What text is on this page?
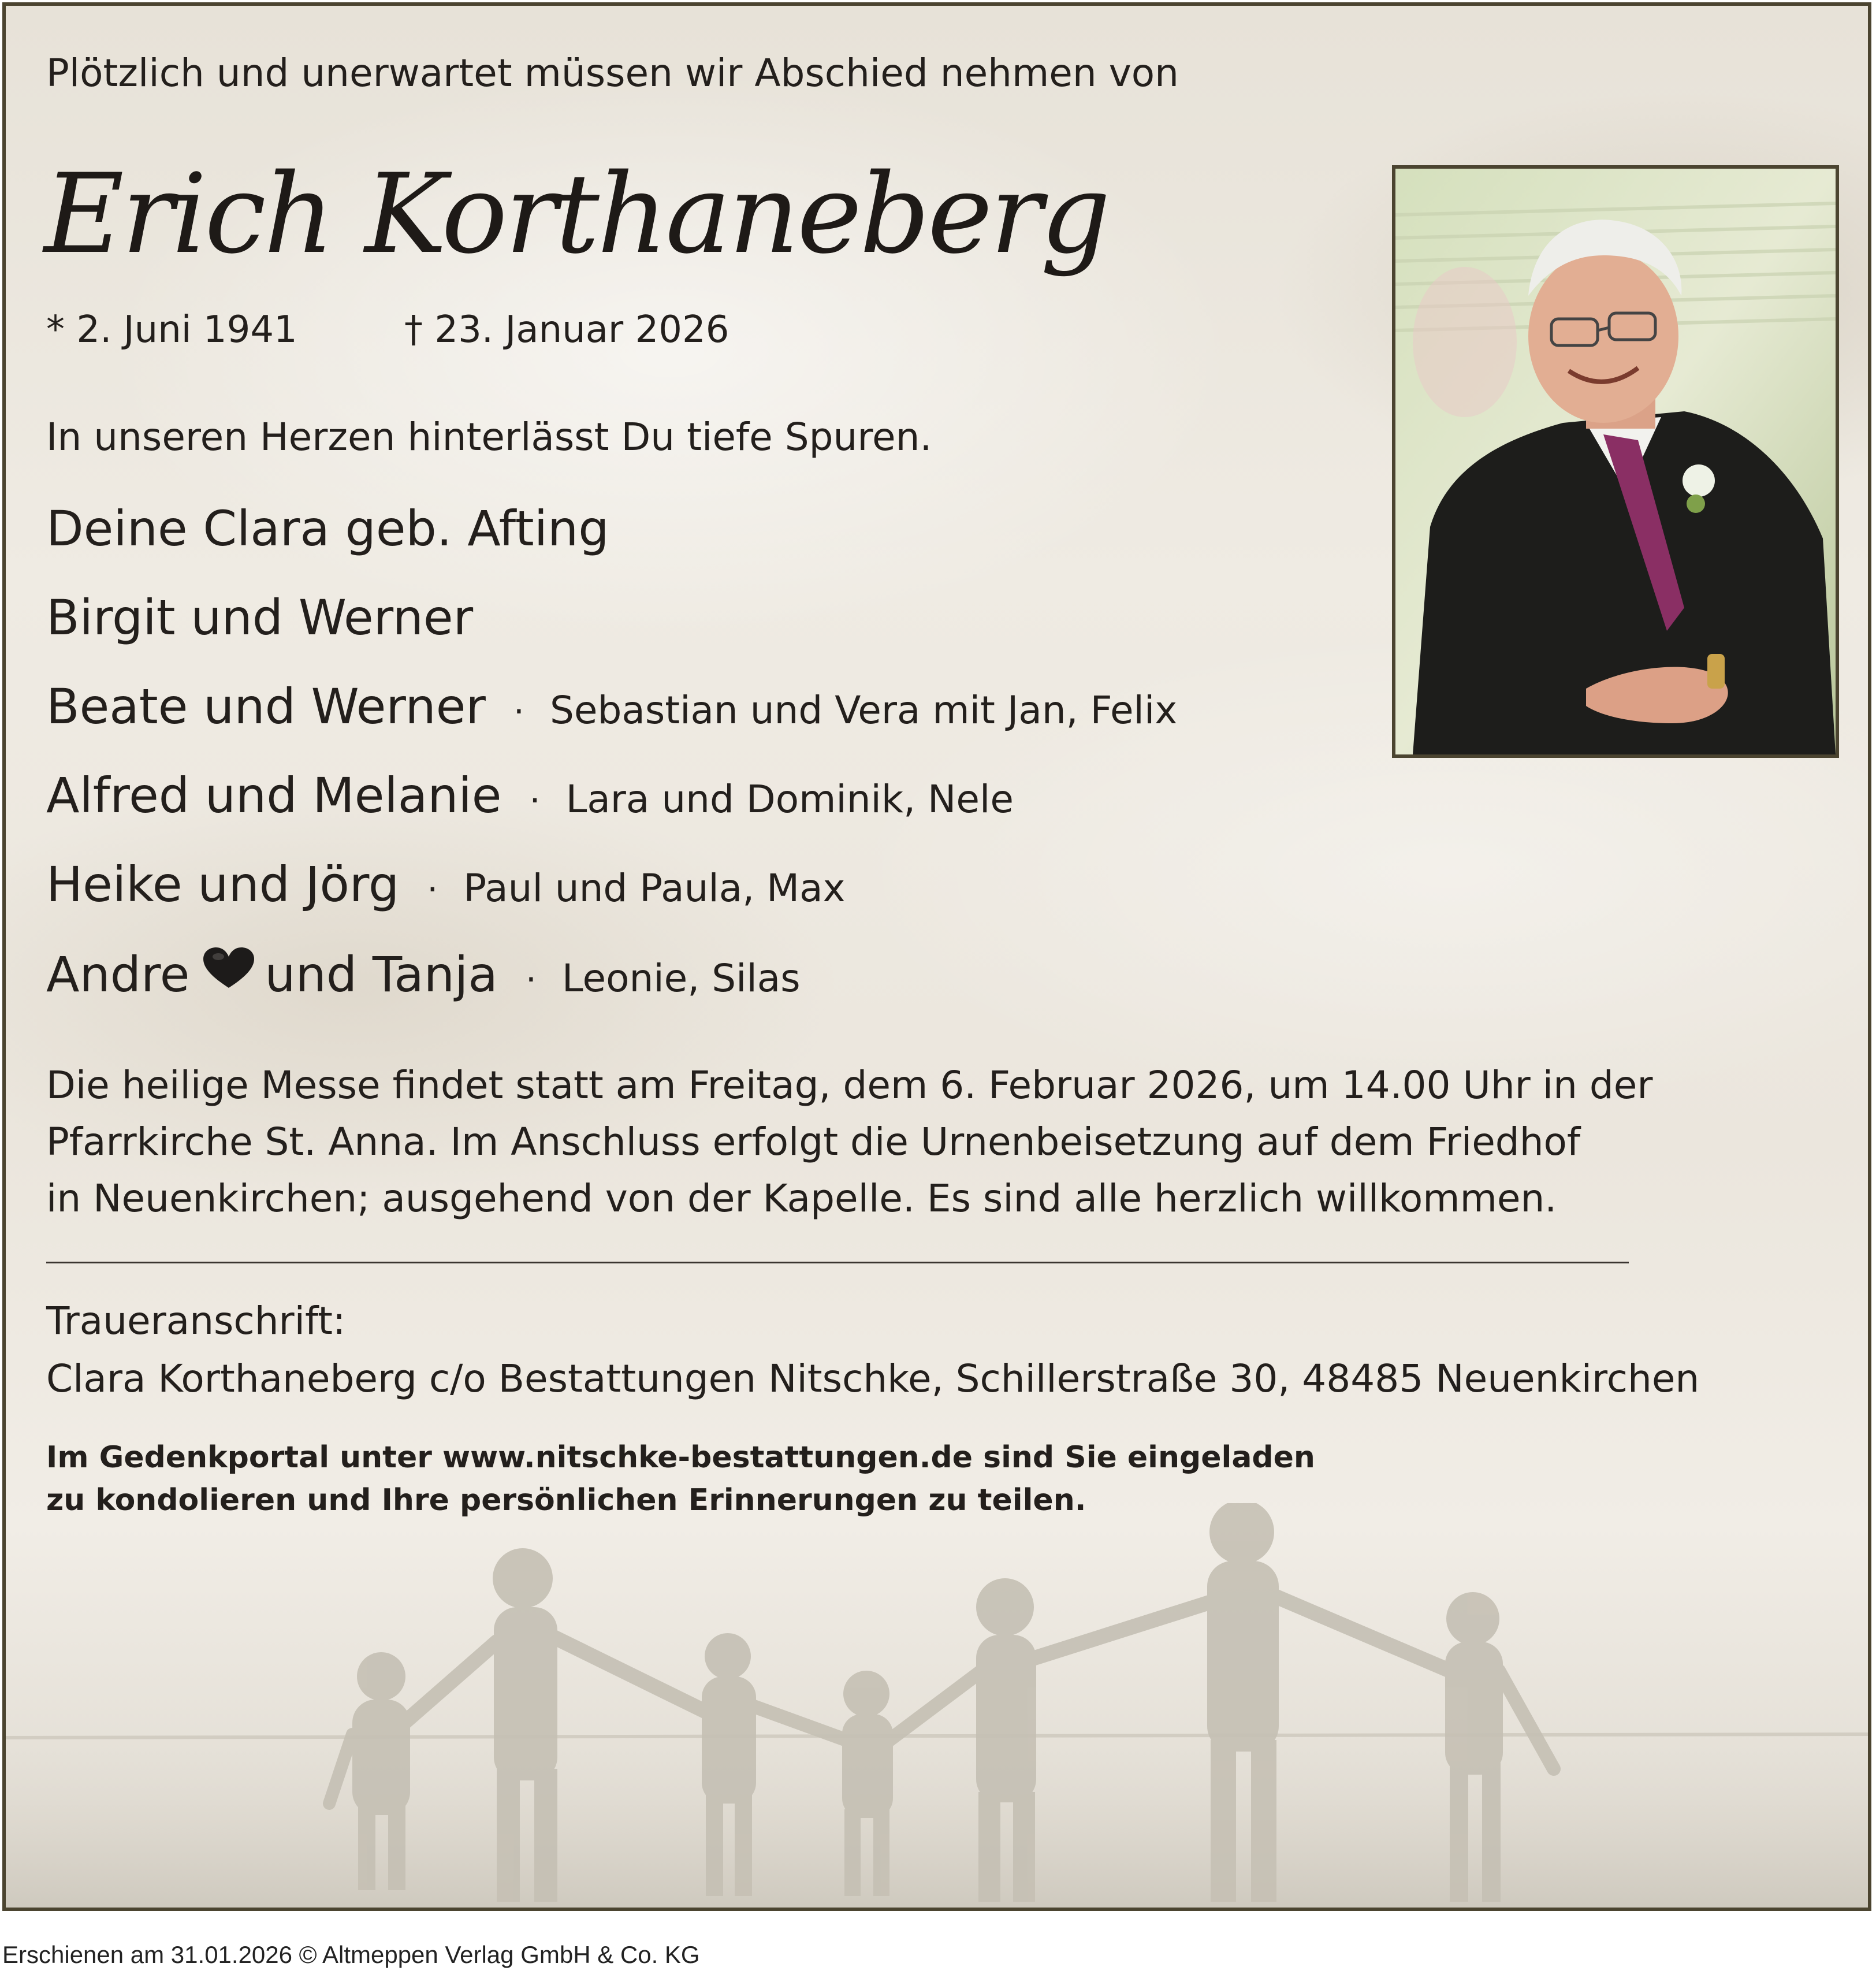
Plötzlich und unerwartet müssen wir Abschied nehmen von
Erich Korthaneberg
* 2. Juni 1941	† 23. Januar 2026
In unseren Herzen hinterlässt Du tiefe Spuren.
Deine Clara geb. Afting
Birgit und Werner
Beate und Werner · Sebastian und Vera mit Jan, Felix
Alfred und Melanie · Lara und Dominik, Nele
Heike und Jörg · Paul und Paula, Max
Andre und Tanja · Leonie, Silas
Die heilige Messe findet statt am Freitag, dem 6. Februar 2026, um 14.00 Uhr in der
Pfarrkirche St. Anna. Im Anschluss erfolgt die Urnenbeisetzung auf dem Friedhof
in Neuenkirchen; ausgehend von der Kapelle. Es sind alle herzlich willkommen.
Traueranschrift:
Clara Korthaneberg c/o Bestattungen Nitschke, Schillerstraße 30, 48485 Neuenkirchen
Im Gedenkportal unter www.nitschke-bestattungen.de sind Sie eingeladen
zu kondolieren und Ihre persönlichen Erinnerungen zu teilen.
Erschienen am 31.01.2026 © Altmeppen Verlag GmbH & Co. KG
